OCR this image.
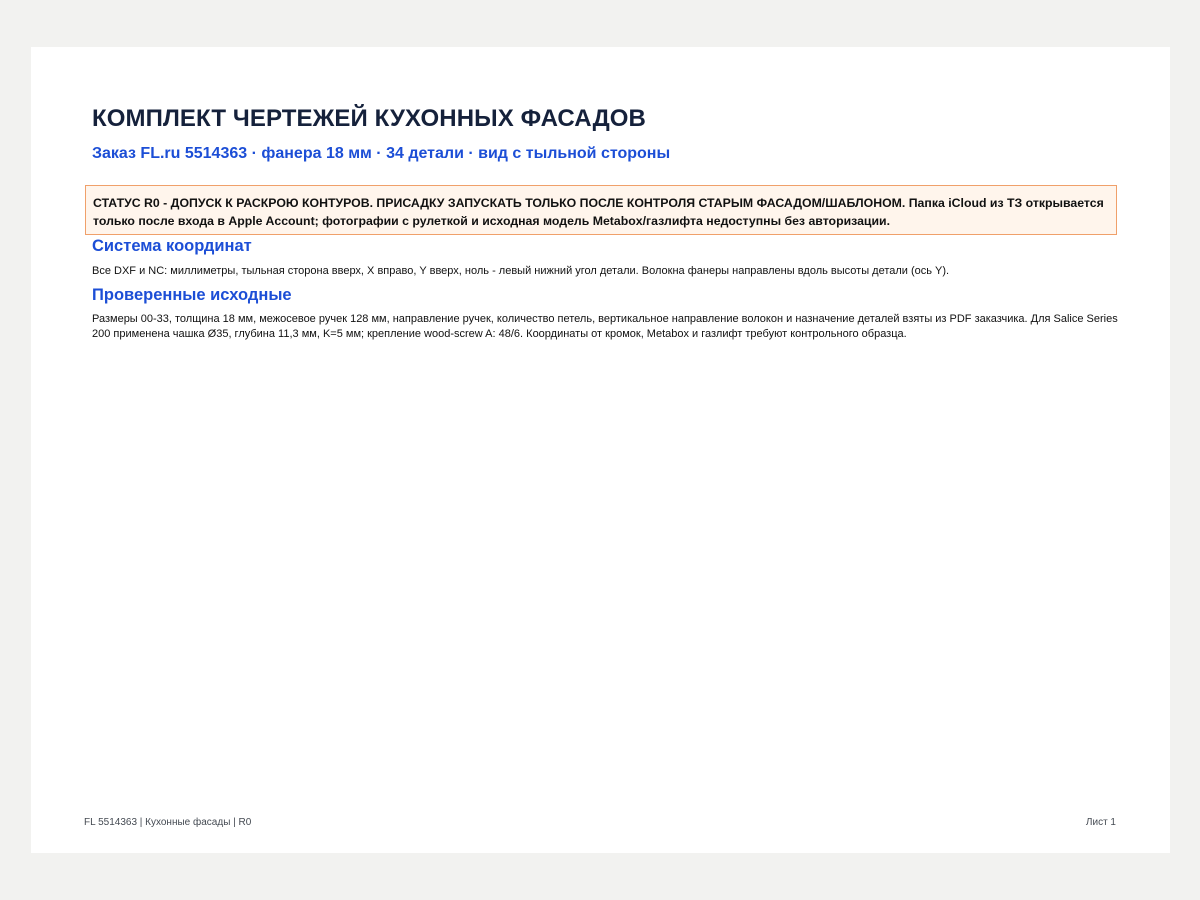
КОМПЛЕКТ ЧЕРТЕЖЕЙ КУХОННЫХ ФАСАДОВ
Заказ FL.ru 5514363 · фанера 18 мм · 34 детали · вид с тыльной стороны
СТАТУС R0 - ДОПУСК К РАСКРОЮ КОНТУРОВ. ПРИСАДКУ ЗАПУСКАТЬ ТОЛЬКО ПОСЛЕ КОНТРОЛЯ СТАРЫМ ФАСАДОМ/ШАБЛОНОМ. Папка iCloud из ТЗ открывается только после входа в Apple Account; фотографии с рулеткой и исходная модель Metabox/газлифта недоступны без авторизации.
Система координат

Все DXF и NC: миллиметры, тыльная сторона вверх, X вправо, Y вверх, ноль - левый нижний угол детали. Волокна фанеры направлены вдоль высоты детали (ось Y).

Проверенные исходные

Размеры 00-33, толщина 18 мм, межосевое ручек 128 мм, направление ручек, количество петель, вертикальное направление волокон и назначение деталей взяты из PDF заказчика. Для Salice Series 200 применена чашка Ø35, глубина 11,3 мм, K=5 мм; крепление wood-screw A: 48/6. Координаты от кромок, Metabox и газлифт требуют контрольного образца.

FL 5514363 | Кухонные фасады | R0	Лист 1
